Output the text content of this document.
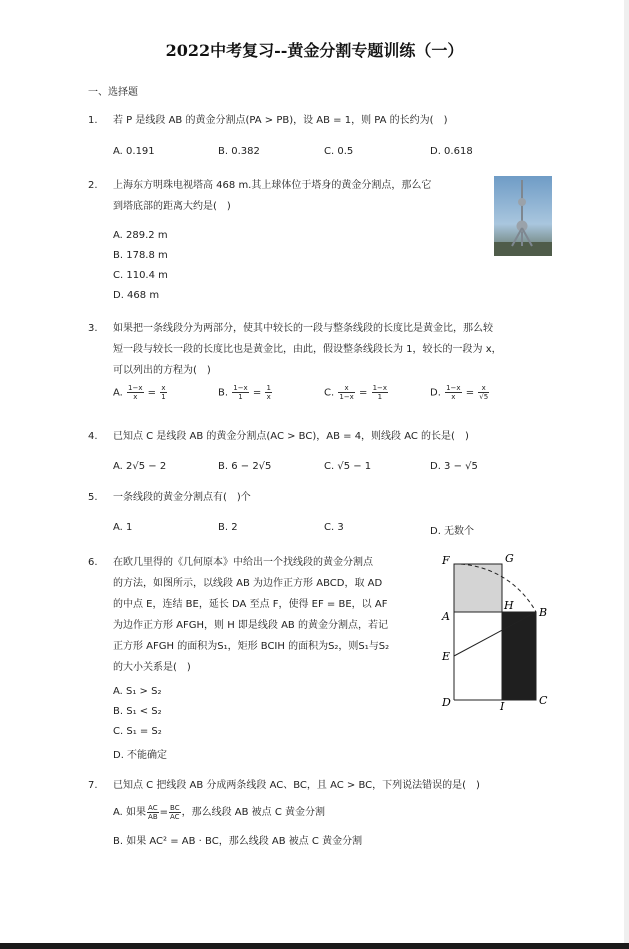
2022中考复习--黄金分割专题训练（一）
一、选择题
1. 若 P 是线段 AB 的黄金分割点(PA > PB)，设 AB = 1，则 PA 的长约为(　)
A. 0.191	B. 0.382	C. 0.5	D. 0.618
2. 上海东方明珠电视塔高 468 m.其上球体位于塔身的黄金分割点，那么它
到塔底部的距离大约是(　)
A. 289.2 m
B. 178.8 m
C. 110.4 m
D. 468 m
3. 如果把一条线段分为两部分，使其中较长的一段与整条线段的长度比是黄金比，那么较
短一段与较长一段的长度比也是黄金比，由此，假设整条线段长为 1，较长的一段为 x，
可以列出的方程为(　)
A. $\frac{1-x}{x} = \frac{x}{1}$	B. $\frac{1-x}{1} = \frac{1}{x}$	C. $\frac{x}{1-x} = \frac{1-x}{1}$	D. $\frac{1-x}{x} = \frac{x}{√5}$
4. 已知点 C 是线段 AB 的黄金分割点(AC > BC)，AB = 4，则线段 AC 的长是(　)
A. 2√5 − 2	B. 6 − 2√5	C. √5 − 1	D. 3 − √5
5. 一条线段的黄金分割点有(　)个
A. 1	B. 2	C. 3	D. 无数个
6. 在欧几里得的《几何原本》中给出一个找线段的黄金分割点
的方法，如图所示，以线段 AB 为边作正方形 ABCD，取 AD
的中点 E，连结 BE，延长 DA 至点 F，使得 EF = BE，以 AF
为边作正方形 AFGH，则 H 即是线段 AB 的黄金分割点，若记
正方形 AFGH 的面积为S₁，矩形 BCIH 的面积为S₂，则S₁与S₂
的大小关系是(　)
A. S₁ > S₂
B. S₁ < S₂
C. S₁ = S₂
D. 不能确定
F	G
A
H
B
E
D	I	C
7. 已知点 C 把线段 AB 分成两条线段 AC、BC，且 AC > BC，下列说法错误的是(　)
A. 如果 $\frac{AC}{AB} = \frac{BC}{AC}$ ，那么线段 AB 被点 C 黄金分割
B. 如果 AC² = AB · BC，那么线段 AB 被点 C 黄金分割
